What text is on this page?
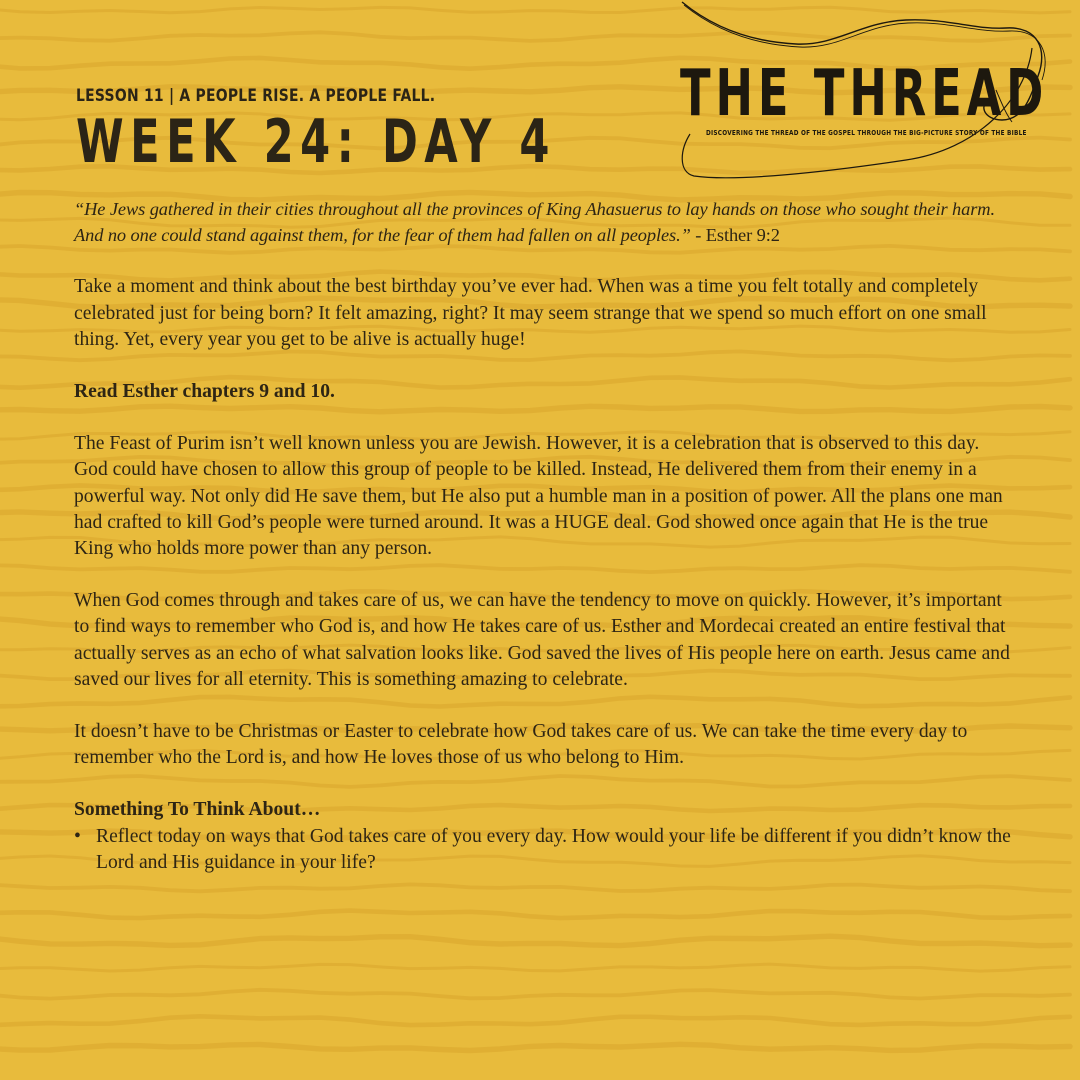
LESSON 11 | A PEOPLE RISE. A PEOPLE FALL.
WEEK 24: DAY 4
THE THREAD
DISCOVERING THE THREAD OF THE GOSPEL THROUGH THE BIG-PICTURE STORY OF THE BIBLE

“He Jews gathered in their cities throughout all the provinces of King Ahasuerus to lay hands on those who sought their harm. And no one could stand against them, for the fear of them had fallen on all peoples.” - Esther 9:2

Take a moment and think about the best birthday you’ve ever had. When was a time you felt totally and completely celebrated just for being born? It felt amazing, right? It may seem strange that we spend so much effort on one small thing. Yet, every year you get to be alive is actually huge!

Read Esther chapters 9 and 10.

The Feast of Purim isn’t well known unless you are Jewish. However, it is a celebration that is observed to this day. God could have chosen to allow this group of people to be killed. Instead, He delivered them from their enemy in a powerful way. Not only did He save them, but He also put a humble man in a position of power. All the plans one man had crafted to kill God’s people were turned around. It was a HUGE deal. God showed once again that He is the true King who holds more power than any person.

When God comes through and takes care of us, we can have the tendency to move on quickly. However, it’s important to find ways to remember who God is, and how He takes care of us. Esther and Mordecai created an entire festival that actually serves as an echo of what salvation looks like. God saved the lives of His people here on earth. Jesus came and saved our lives for all eternity. This is something amazing to celebrate.

It doesn’t have to be Christmas or Easter to celebrate how God takes care of us. We can take the time every day to remember who the Lord is, and how He loves those of us who belong to Him.

Something To Think About…

• Reflect today on ways that God takes care of you every day. How would your life be different if you didn’t know the Lord and His guidance in your life?
